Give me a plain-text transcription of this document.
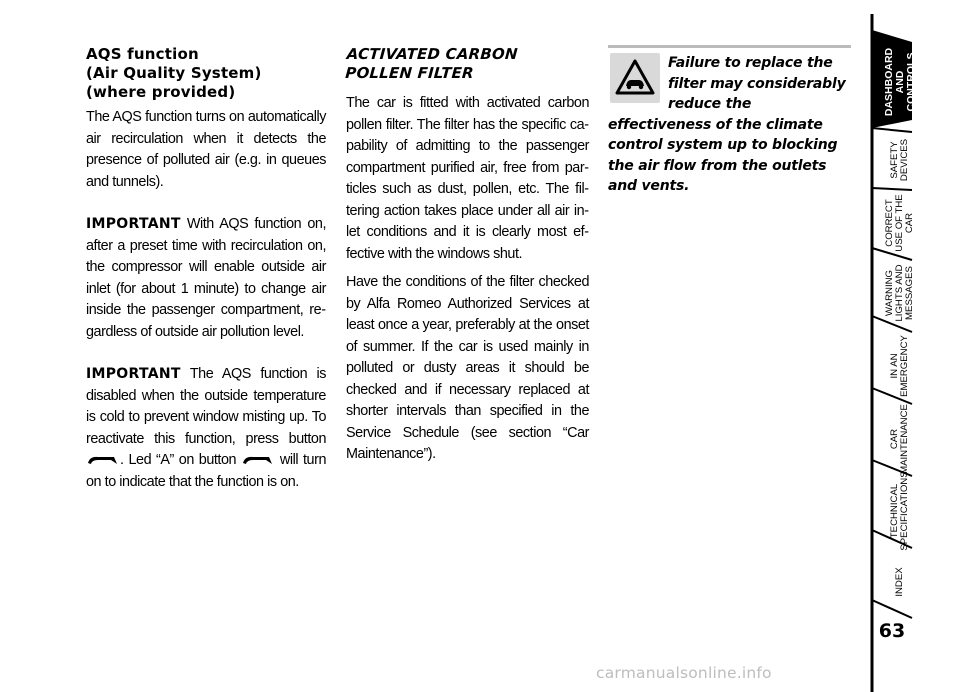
AQS function
(Air Quality System)
(where provided)

The AQS function turns on automatically air recirculation when it detects the presence of polluted air (e.g. in queues and tunnels).

IMPORTANT With AQS function on, after a preset time with recirculation on, the compressor will enable outside air inlet (for about 1 minute) to change air inside the passenger compartment, regardless of outside air pollution level.

IMPORTANT The AQS function is disabled when the outside temperature is cold to prevent window misting up. To reactivate this function, press button . Led “A” on button  will turn on to indicate that the function is on.

ACTIVATED CARBON
POLLEN FILTER

The car is fitted with activated carbon pollen filter. The filter has the specific capability of admitting to the passenger compartment purified air, free from particles such as dust, pollen, etc. The filtering action takes place under all air inlet conditions and it is clearly most effective with the windows shut.

Have the conditions of the filter checked by Alfa Romeo Authorized Services at least once a year, preferably at the onset of summer. If the car is used mainly in polluted or dusty areas it should be checked and if necessary replaced at shorter intervals than specified in the Service Schedule (see section “Car Maintenance”).

Failure to replace the filter may considerably reduce the effectiveness of the climate control system up to blocking the air flow from the outlets and vents.

DASHBOARD AND CONTROLS
SAFETY DEVICES
CORRECT USE OF THE CAR
WARNING LIGHTS AND MESSAGES
IN AN EMERGENCY
CAR MAINTENANCE
TECHNICAL SPECIFICATIONS
INDEX
63
carmanualsonline.info
